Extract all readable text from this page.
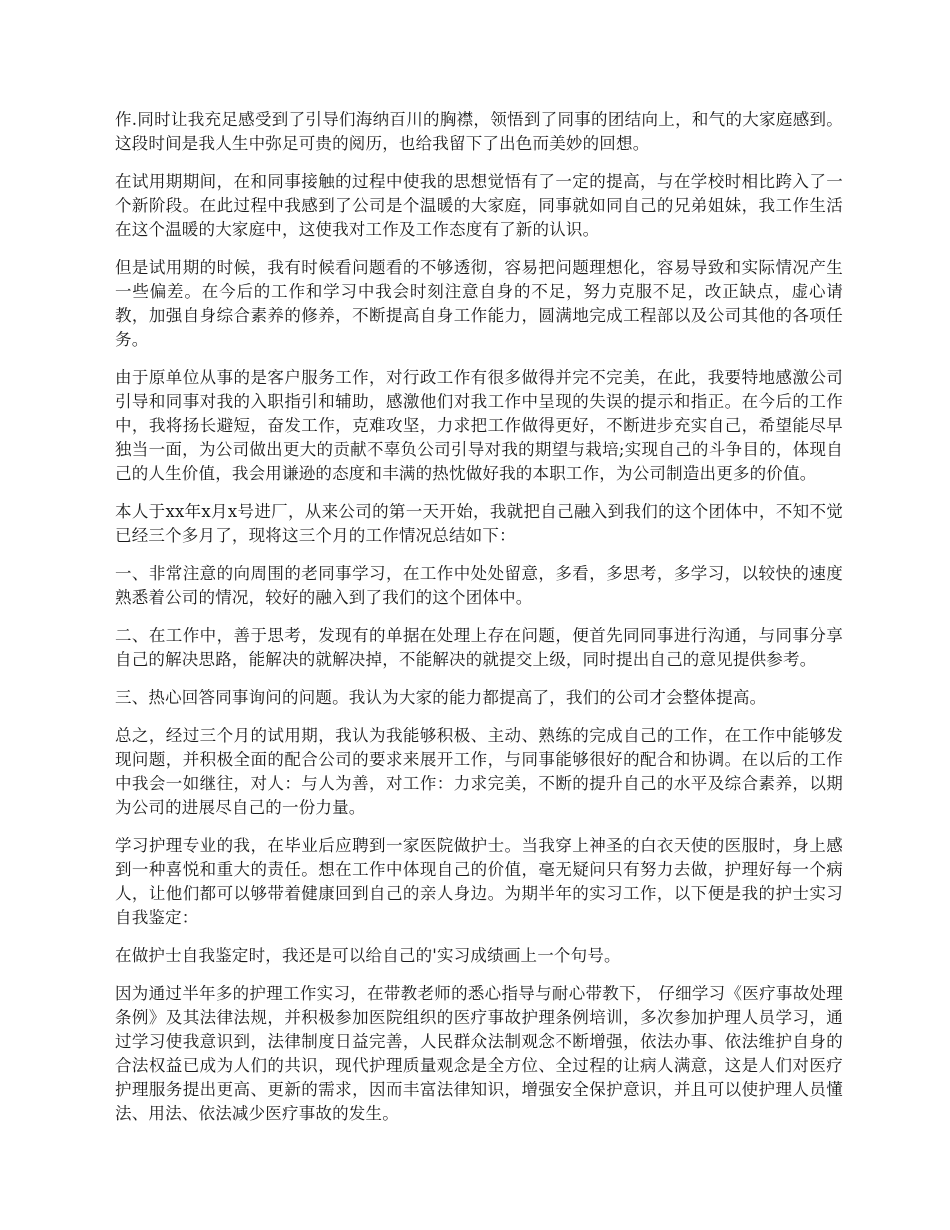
作.同时让我充足感受到了引导们海纳百川的胸襟，领悟到了同事的团结向上，和气的大家庭感到。这段时间是我人生中弥足可贵的阅历，也给我留下了出色而美妙的回想。

在试用期期间，在和同事接触的过程中使我的思想觉悟有了一定的提高，与在学校时相比跨入了一个新阶段。在此过程中我感到了公司是个温暖的大家庭，同事就如同自己的兄弟姐妹，我工作生活在这个温暖的大家庭中，这使我对工作及工作态度有了新的认识。

但是试用期的时候，我有时候看问题看的不够透彻，容易把问题理想化，容易导致和实际情况产生一些偏差。在今后的工作和学习中我会时刻注意自身的不足，努力克服不足，改正缺点，虚心请教，加强自身综合素养的修养，不断提高自身工作能力，圆满地完成工程部以及公司其他的各项任务。

由于原单位从事的是客户服务工作，对行政工作有很多做得并完不完美，在此，我要特地感激公司引导和同事对我的入职指引和辅助，感激他们对我工作中呈现的失误的提示和指正。在今后的工作中，我将扬长避短，奋发工作，克难攻坚，力求把工作做得更好，不断进步充实自己，希望能尽早独当一面，为公司做出更大的贡献不辜负公司引导对我的期望与栽培;实现自己的斗争目的，体现自己的人生价值，我会用谦逊的态度和丰满的热忱做好我的本职工作，为公司制造出更多的价值。

本人于xx年x月x号进厂，从来公司的第一天开始，我就把自己融入到我们的这个团体中，不知不觉已经三个多月了，现将这三个月的工作情况总结如下：

一、非常注意的向周围的老同事学习，在工作中处处留意，多看，多思考，多学习，以较快的速度熟悉着公司的情况，较好的融入到了我们的这个团体中。

二、在工作中，善于思考，发现有的单据在处理上存在问题，便首先同同事进行沟通，与同事分享自己的解决思路，能解决的就解决掉，不能解决的就提交上级，同时提出自己的意见提供参考。

三、热心回答同事询问的问题。我认为大家的能力都提高了，我们的公司才会整体提高。

总之，经过三个月的试用期，我认为我能够积极、主动、熟练的完成自己的工作，在工作中能够发现问题，并积极全面的配合公司的要求来展开工作，与同事能够很好的配合和协调。在以后的工作中我会一如继往，对人：与人为善，对工作：力求完美，不断的提升自己的水平及综合素养，以期为公司的进展尽自己的一份力量。

学习护理专业的我，在毕业后应聘到一家医院做护士。当我穿上神圣的白衣天使的医服时，身上感到一种喜悦和重大的责任。想在工作中体现自己的价值，毫无疑问只有努力去做，护理好每一个病人，让他们都可以够带着健康回到自己的亲人身边。为期半年的实习工作，以下便是我的护士实习自我鉴定：

在做护士自我鉴定时，我还是可以给自己的'实习成绩画上一个句号。

因为通过半年多的护理工作实习，在带教老师的悉心指导与耐心带教下， 仔细学习《医疗事故处理条例》及其法律法规，并积极参加医院组织的医疗事故护理条例培训，多次参加护理人员学习，通过学习使我意识到，法律制度日益完善，人民群众法制观念不断增强，依法办事、依法维护自身的合法权益已成为人们的共识，现代护理质量观念是全方位、全过程的让病人满意，这是人们对医疗护理服务提出更高、更新的需求，因而丰富法律知识，增强安全保护意识，并且可以使护理人员懂法、用法、依法减少医疗事故的发生。
